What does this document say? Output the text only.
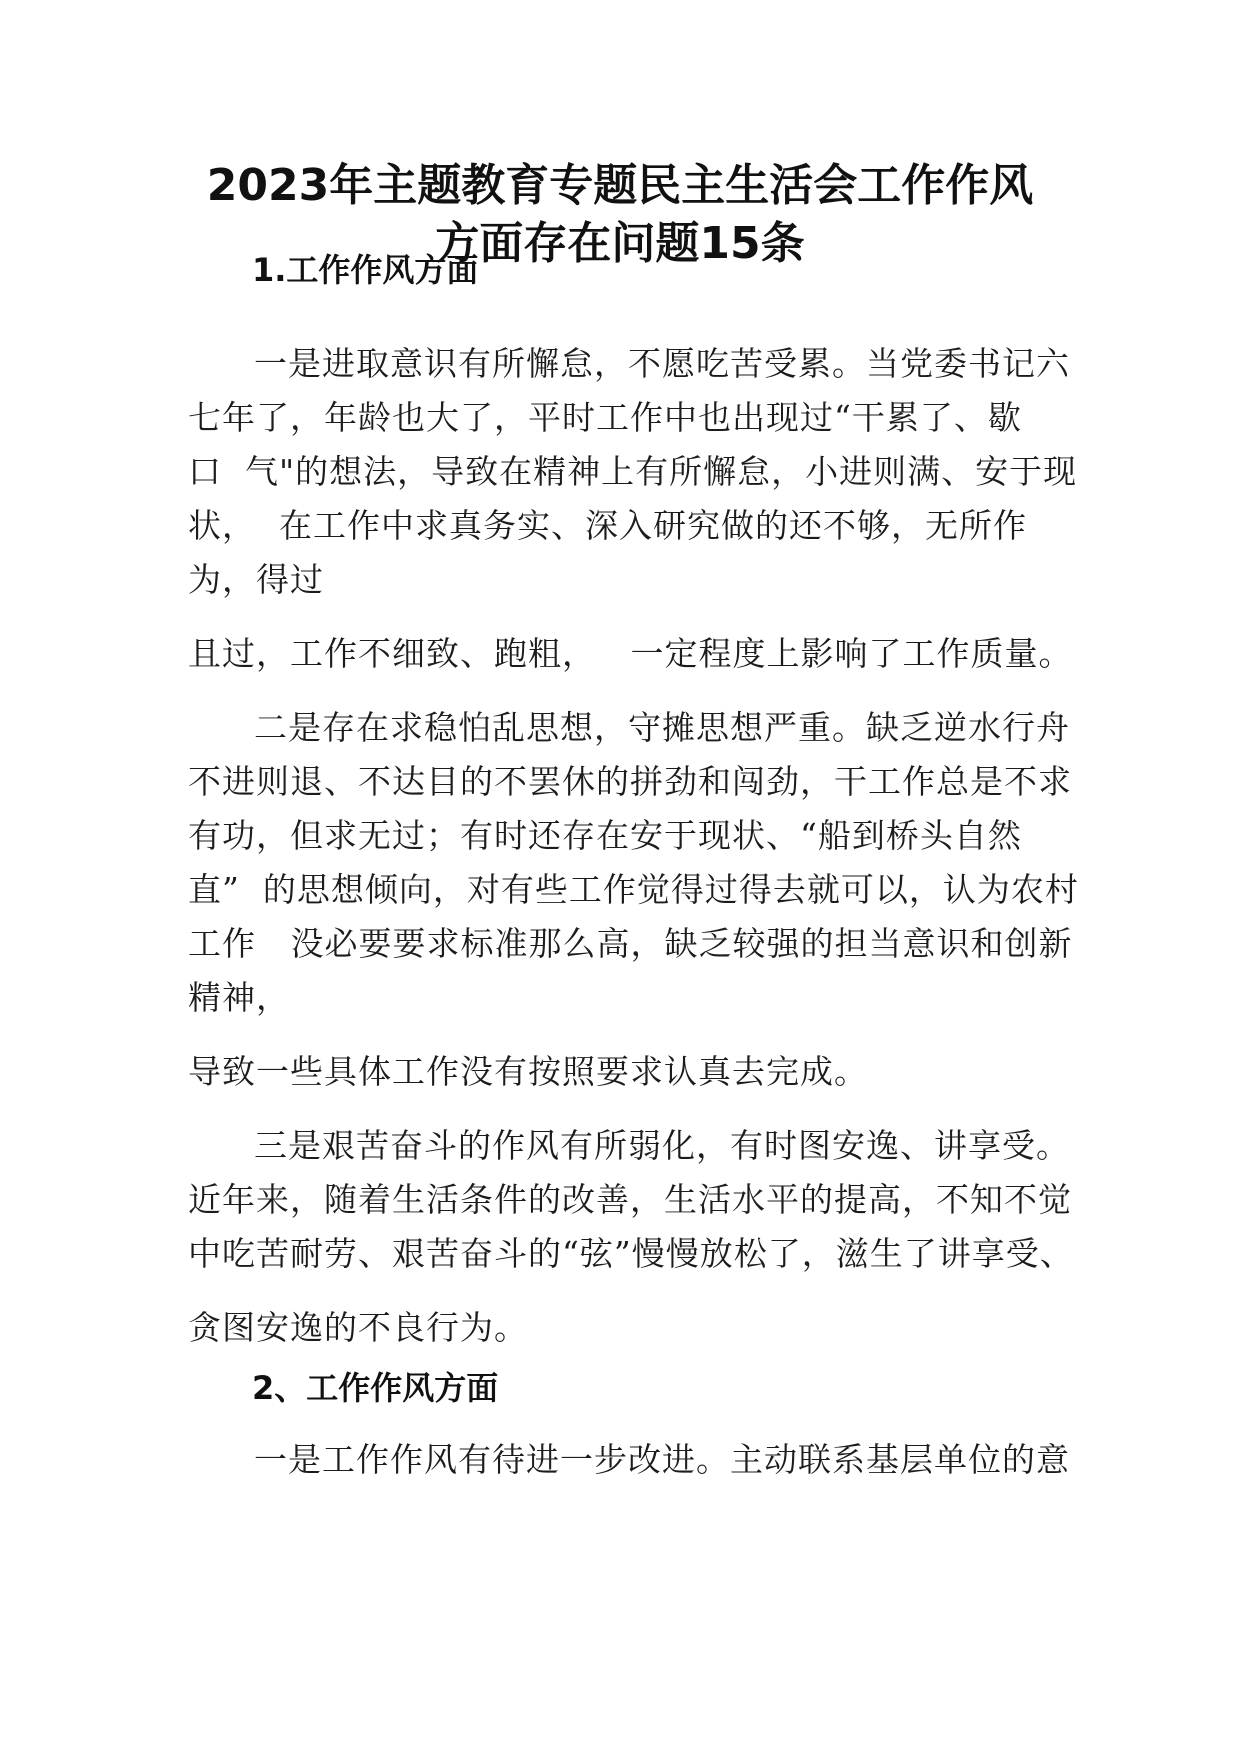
2023年主题教育专题民主生活会工作作风
方面存在问题15条
1.工作作风方面
一是进取意识有所懈怠，不愿吃苦受累。当党委书记六
七年了，年龄也大了，平时工作中也出现过“干累了、歇
口  气"的想法，导致在精神上有所懈怠，小进则满、安于现
状，  在工作中求真务实、深入研究做的还不够，无所作
为，得过
且过，工作不细致、跑粗，   一定程度上影响了工作质量。
二是存在求稳怕乱思想，守摊思想严重。缺乏逆水行舟
不进则退、不达目的不罢休的拼劲和闯劲，干工作总是不求
有功，但求无过；有时还存在安于现状、“船到桥头自然
直”  的思想倾向，对有些工作觉得过得去就可以，认为农村
工作   没必要要求标准那么高，缺乏较强的担当意识和创新
精神，
导致一些具体工作没有按照要求认真去完成。
三是艰苦奋斗的作风有所弱化，有时图安逸、讲享受。
近年来，随着生活条件的改善，生活水平的提高，不知不觉
中吃苦耐劳、艰苦奋斗的“弦”慢慢放松了，滋生了讲享受、
贪图安逸的不良行为。
2、工作作风方面
一是工作作风有待进一步改进。主动联系基层单位的意
